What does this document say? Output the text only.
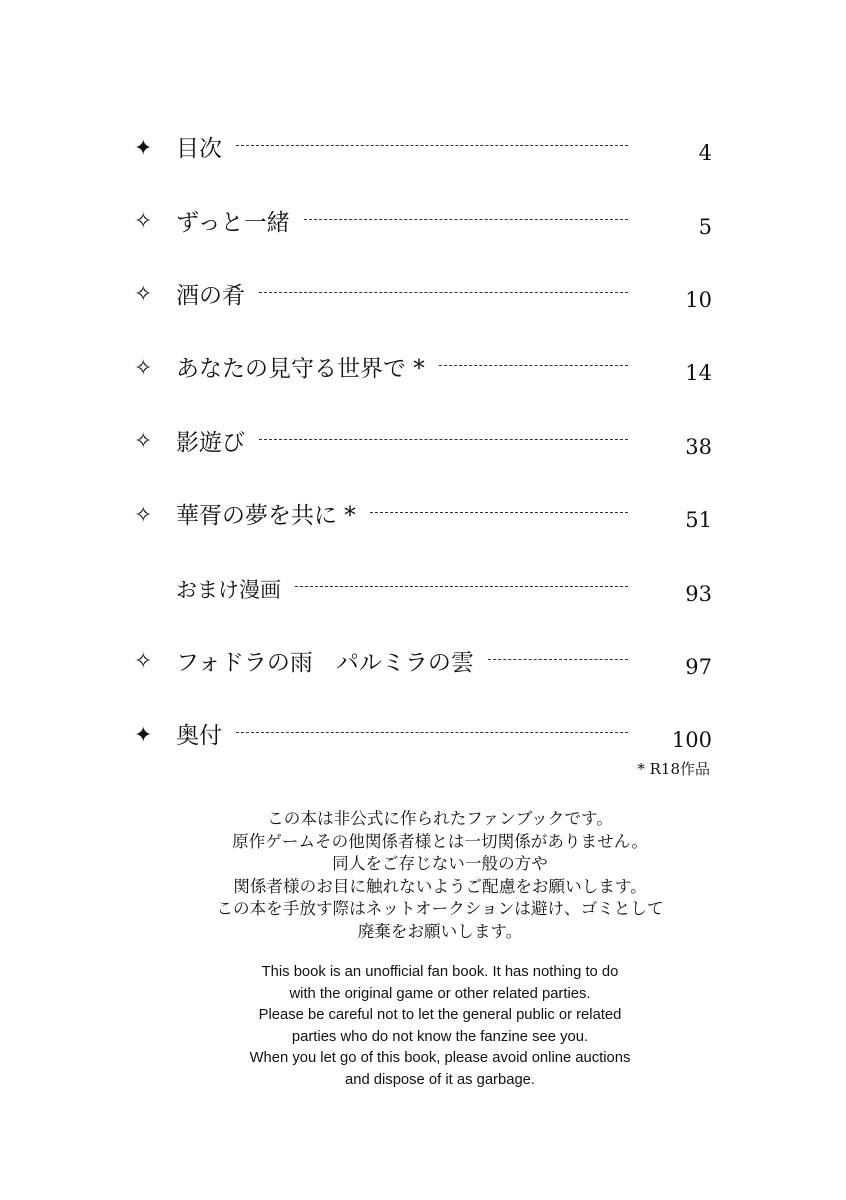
✦	目次	4
✧	ずっと一緒	5
✧	酒の肴	10
✧	あなたの見守る世界で *	14
✧	影遊び	38
✧	華胥の夢を共に *	51
おまけ漫画	93
✧	フォドラの雨　パルミラの雲	97
✦	奥付	100
* R18作品
この本は非公式に作られたファンブックです。
原作ゲームその他関係者様とは一切関係がありません。
同人をご存じない一般の方や
関係者様のお目に触れないようご配慮をお願いします。
この本を手放す際はネットオークションは避け、ゴミとして
廃棄をお願いします。
This book is an unofficial fan book. It has nothing to do
with the original game or other related parties.
Please be careful not to let the general public or related
parties who do not know the fanzine see you.
When you let go of this book, please avoid online auctions
and dispose of it as garbage.
